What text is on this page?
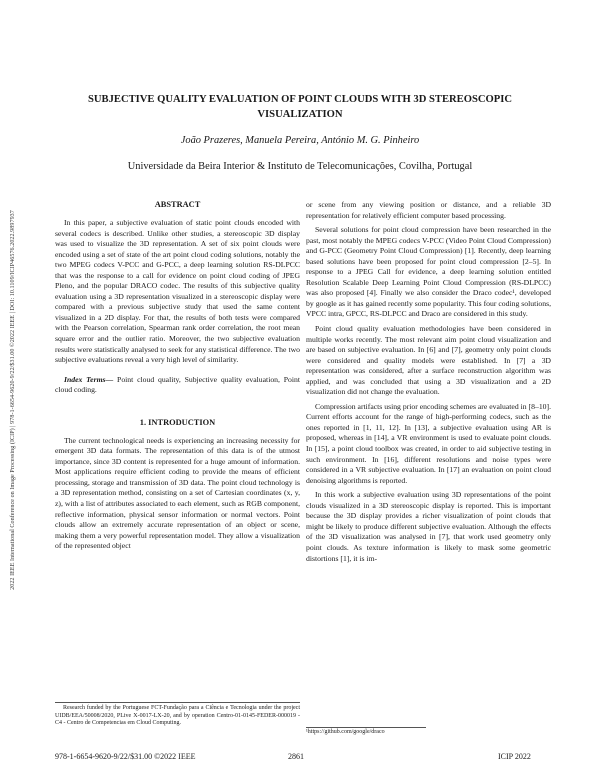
2022 IEEE International Conference on Image Processing (ICIP) | 978-1-6654-9620-9/22/$31.00 ©2022 IEEE | DOI: 10.1109/ICIP46576.2022.9897937
SUBJECTIVE QUALITY EVALUATION OF POINT CLOUDS WITH 3D STEREOSCOPIC VISUALIZATION
João Prazeres, Manuela Pereira, António M. G. Pinheiro
Universidade da Beira Interior & Instituto de Telecomunicações, Covilha, Portugal
ABSTRACT

In this paper, a subjective evaluation of static point clouds encoded with several codecs is described. Unlike other studies, a stereoscopic 3D display was used to visualize the 3D representation. A set of six point clouds were encoded using a set of state of the art point cloud coding solutions, notably the two MPEG codecs V-PCC and G-PCC, a deep learning solution RS-DLPCC that was the response to a call for evidence on point cloud coding of JPEG Pleno, and the popular DRACO codec. The results of this subjective quality evaluation using a 3D representation visualized in a stereoscopic display were compared with a previous subjective study that used the same content visualized in a 2D display. For that, the results of both tests were compared with the Pearson correlation, Spearman rank order correlation, the root mean square error and the outlier ratio. Moreover, the two subjective evaluation results were statistically analysed to seek for any statistical difference. The two subjective evaluations reveal a very high level of similarity.

Index Terms— Point cloud quality, Subjective quality evaluation, Point cloud coding.

1. INTRODUCTION

The current technological needs is experiencing an increasing necessity for emergent 3D data formats. The representation of this data is of the utmost importance, since 3D content is represented for a huge amount of information. Most applications require efficient coding to provide the means of efficient processing, storage and transmission of 3D data. The point cloud technology is a 3D representation method, consisting on a set of Cartesian coordinates (x, y, z), with a list of attributes associated to each element, such as RGB component, reflective information, physical sensor information or normal vectors. Point clouds allow an extremely accurate representation of an object or scene, making them a very powerful representation model. They allow a visualization of the represented object

Research funded by the Portuguese FCT-Fundação para a Ciência e Tecnologia under the project UIDB/EEA/50008/2020, PLive X-0017-LX-20, and by operation Centro-01-0145-FEDER-000019 - C4 - Centro de Competencias em Cloud Computing.

or scene from any viewing position or distance, and a reliable 3D representation for relatively efficient computer based processing.

Several solutions for point cloud compression have been researched in the past, most notably the MPEG codecs V-PCC (Video Point Cloud Compression) and G-PCC (Geometry Point Cloud Compression) [1]. Recently, deep learning based solutions have been proposed for point cloud compression [2–5]. In response to a JPEG Call for evidence, a deep learning solution entitled Resolution Scalable Deep Learning Point Cloud Compression (RS-DLPCC) was also proposed [4]. Finally we also consider the Draco codec¹, developed by google as it has gained recently some popularity. This four coding solutions, VPCC intra, GPCC, RS-DLPCC and Draco are considered in this study.

Point cloud quality evaluation methodologies have been considered in multiple works recently. The most relevant aim point cloud visualization and are based on subjective evaluation. In [6] and [7], geometry only point clouds were considered and quality models were established. In [7] a 3D representation was considered, after a surface reconstruction algorithm was applied, and was concluded that using a 3D visualization and a 2D visualization did not change the evaluation.

Compression artifacts using prior encoding schemes are evaluated in [8–10]. Current efforts account for the range of high-performing codecs, such as the ones reported in [1, 11, 12]. In [13], a subjective evaluation using AR is proposed, whereas in [14], a VR environment is used to evaluate point clouds. In [15], a point cloud toolbox was created, in order to aid subjective testing in such environment. In [16], different resolutions and noise types were considered in a VR subjective evaluation. In [17] an evaluation on point cloud denoising algorithms is reported.

In this work a subjective evaluation using 3D representations of the point clouds visualized in a 3D stereoscopic display is reported. This is important because the 3D display provides a richer visualization of point clouds that might be likely to produce different subjective evaluation. Although the effects of the 3D visualization was analysed in [7], that work used geometry only point clouds. As texture information is likely to mask some geometric distortions [1], it is im-

¹https://github.com/google/draco
978-1-6654-9620-9/22/$31.00 ©2022 IEEE	2861	ICIP 2022
